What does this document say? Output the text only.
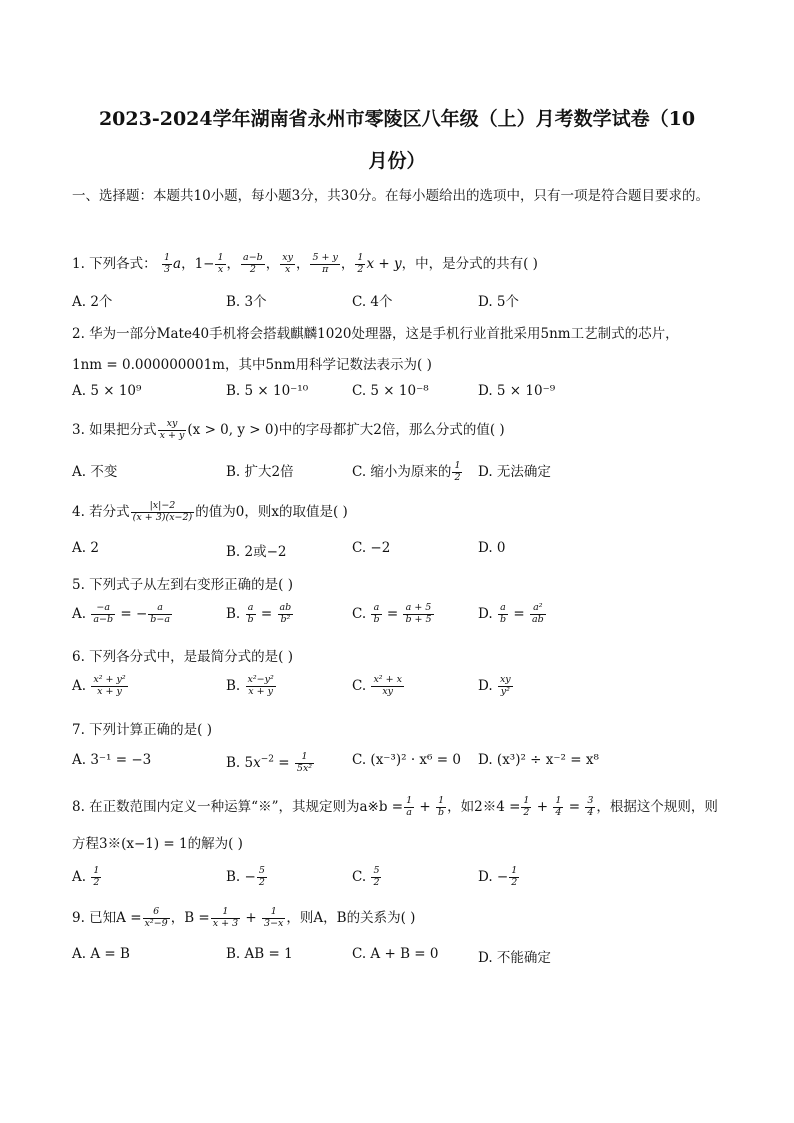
2023-2024学年湖南省永州市零陵区八年级（上）月考数学试卷（10
月份）
一、选择题：本题共10小题，每小题3分，共30分。在每小题给出的选项中，只有一项是符合题目要求的。
1. 下列各式： $\frac{1}{3}$ a，$1- \frac{1}{x}$ ， $\frac{a-b}{2}$ ， $\frac{xy}{x}$ ， $\frac{5 + y}{\pi}$ ， $\frac{1}{2}$ x + y，中，是分式的共有( )
A. 2个	B. 3个	C. 4个	D. 5个
2. 华为一部分Mate40手机将会搭载麒麟1020处理器，这是手机行业首批采用5nm工艺制式的芯片，
1nm = 0.000000001m，其中5nm用科学记数法表示为( )
A. 5 × 10⁹	B. 5 × 10⁻¹⁰	C. 5 × 10⁻⁸	D. 5 × 10⁻⁹
3. 如果把分式 $\frac{xy}{x + y} (x > 0$, y > 0)中的字母都扩大2倍，那么分式的值( )
A. 不变	B. 扩大2倍	C. 缩小为原来的 $\frac{1}{2} D$. 无法确定
4. 若分式 $\frac{|x|-2}{(x + 3)(x-2)}$ 的值为0，则x的取值是( )
A. 2	B. 2或−2	C. −2	D. 0
5. 下列式子从左到右变形正确的是( )
A. $\frac{-a}{a-b}$ = − $\frac{a}{b-a}$	B. $\frac{a}{b} = \frac{ab}{\text{b²}}$	C. $\frac{a}{b} = \frac{a + 5}{b + 5}$	D. $\frac{a}{b} = \frac{\text{a²}}{ab}$
6. 下列各分式中，是最简分式的是( )
A. $\frac{\text{x² + y²}}{x + y}$	B. $\frac{\text{x²−y²}}{x + y}$	C. $\frac{\text{x² + x}}{xy}$	D. $\frac{xy}{\text{y²}}$
7. 下列计算正确的是( )
A. 3⁻¹ = −3	B. $5x^{-2} = \frac{1}{\text{5x²}}$	C. (x⁻³)² · x⁶ = 0 D. (x³)² ÷ x⁻² = x⁸
8. 在正数范围内定义一种运算“※”，其规定则为a※b = $\frac{1}{a} + \frac{1}{b}$ ，如2※4 = $\frac{1}{2} + \frac{1}{4} = \frac{3}{4}$ ，根据这个规则，则
方程3※(x−1) = 1的解为( )
A. $\frac{1}{2}$	B. − $\frac{5}{2}$	C. $\frac{5}{2}$	D. − $\frac{1}{2}$
9. 已知$A = \frac{6}{\text{x²−9}}$ ，$B = \frac{1}{x + 3} + \frac{1}{3-x}$ ，则A，B的关系为( )
A. A = B	B. AB = 1	C. A + B = 0	D. 不能确定
